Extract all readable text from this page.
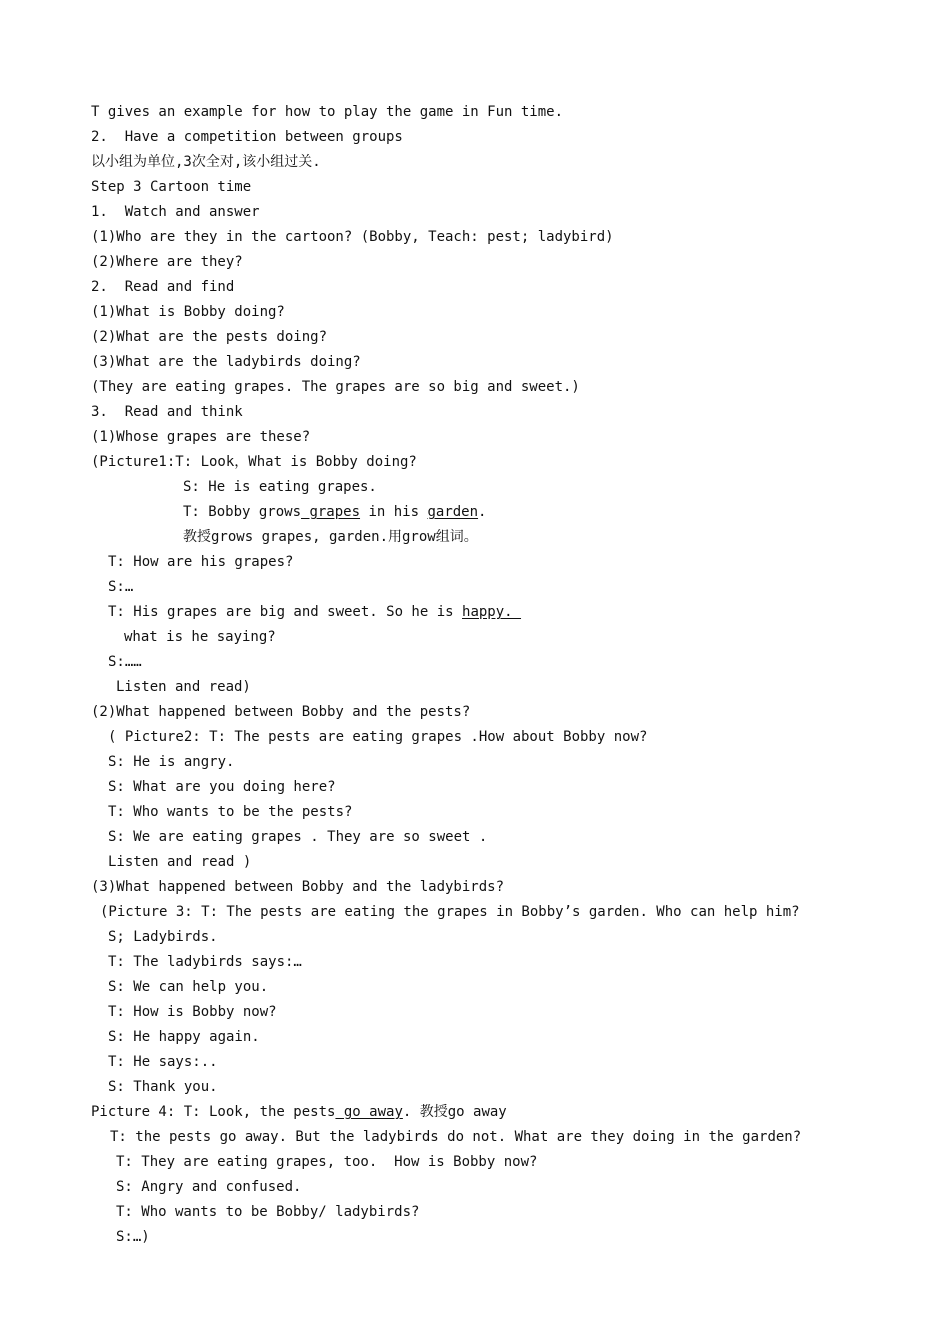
T gives an example for how to play the game in Fun time.
2.  Have a competition between groups
以小组为单位,3次全对,该小组过关.
Step 3 Cartoon time
1.  Watch and answer
(1)Who are they in the cartoon? (Bobby, Teach: pest; ladybird)
(2)Where are they?
2.  Read and find
(1)What is Bobby doing?
(2)What are the pests doing?
(3)What are the ladybirds doing?
(They are eating grapes. The grapes are so big and sweet.)
3.  Read and think
(1)Whose grapes are these?
(Picture1:T: Look，What is Bobby doing?
S: He is eating grapes.
T: Bobby grows grapes in his garden.
教授grows grapes, garden.用grow组词。
T: How are his grapes?
S:…
T: His grapes are big and sweet. So he is happy.
what is he saying?
S:……
Listen and read)
(2)What happened between Bobby and the pests?
( Picture2: T: The pests are eating grapes .How about Bobby now?
S: He is angry.
S: What are you doing here?
T: Who wants to be the pests?
S: We are eating grapes . They are so sweet .
Listen and read )
(3)What happened between Bobby and the ladybirds?
(Picture 3: T: The pests are eating the grapes in Bobby’s garden. Who can help him?
S; Ladybirds.
T: The ladybirds says:…
S: We can help you.
T: How is Bobby now?
S: He happy again.
T: He says:..
S: Thank you.
Picture 4: T: Look, the pests go away. 教授go away
T: the pests go away. But the ladybirds do not. What are they doing in the garden?
T: They are eating grapes, too.  How is Bobby now?
S: Angry and confused.
T: Who wants to be Bobby/ ladybirds?
S:…)
